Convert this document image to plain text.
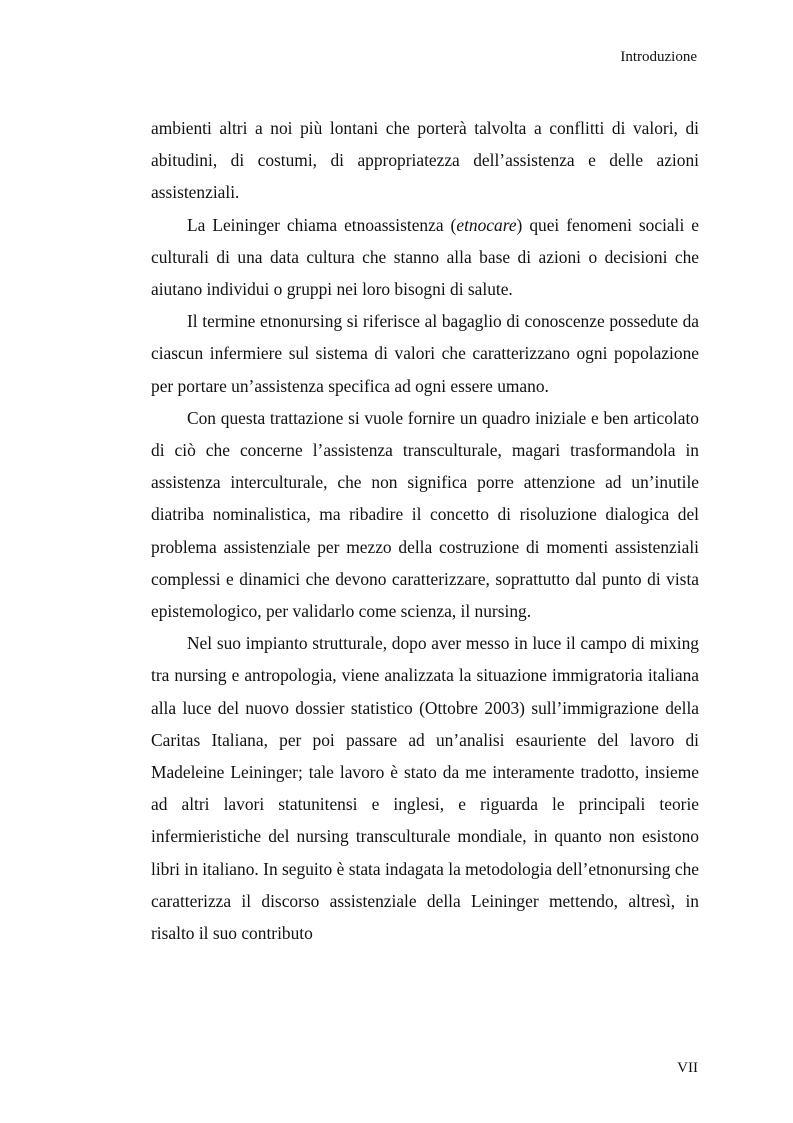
Introduzione

ambienti altri a noi più lontani che porterà talvolta a conflitti di valori, di abitudini, di costumi, di appropriatezza dell’assistenza e delle azioni assistenziali.

La Leininger chiama etnoassistenza (etnocare) quei fenomeni sociali e culturali di una data cultura che stanno alla base di azioni o decisioni che aiutano individui o gruppi nei loro bisogni di salute.

Il termine etnonursing si riferisce al bagaglio di conoscenze possedute da ciascun infermiere sul sistema di valori che caratterizzano ogni popolazione per portare un’assistenza specifica ad ogni essere umano.

Con questa trattazione si vuole fornire un quadro iniziale e ben articolato di ciò che concerne l’assistenza transculturale, magari trasformandola in assistenza interculturale, che non significa porre attenzione ad un’inutile diatriba nominalistica, ma ribadire il concetto di risoluzione dialogica del problema assistenziale per mezzo della costruzione di momenti assistenziali complessi e dinamici che devono caratterizzare, soprattutto dal punto di vista epistemologico, per validarlo come scienza, il nursing.

Nel suo impianto strutturale, dopo aver messo in luce il campo di mixing tra nursing e antropologia, viene analizzata la situazione immigratoria italiana alla luce del nuovo dossier statistico (Ottobre 2003) sull’immigrazione della Caritas Italiana, per poi passare ad un’analisi esauriente del lavoro di Madeleine Leininger; tale lavoro è stato da me interamente tradotto, insieme ad altri lavori statunitensi e inglesi, e riguarda le principali teorie infermieristiche del nursing transculturale mondiale, in quanto non esistono libri in italiano. In seguito è stata indagata la metodologia dell’etnonursing che caratterizza il discorso assistenziale della Leininger mettendo, altresì, in risalto il suo contributo

VII
